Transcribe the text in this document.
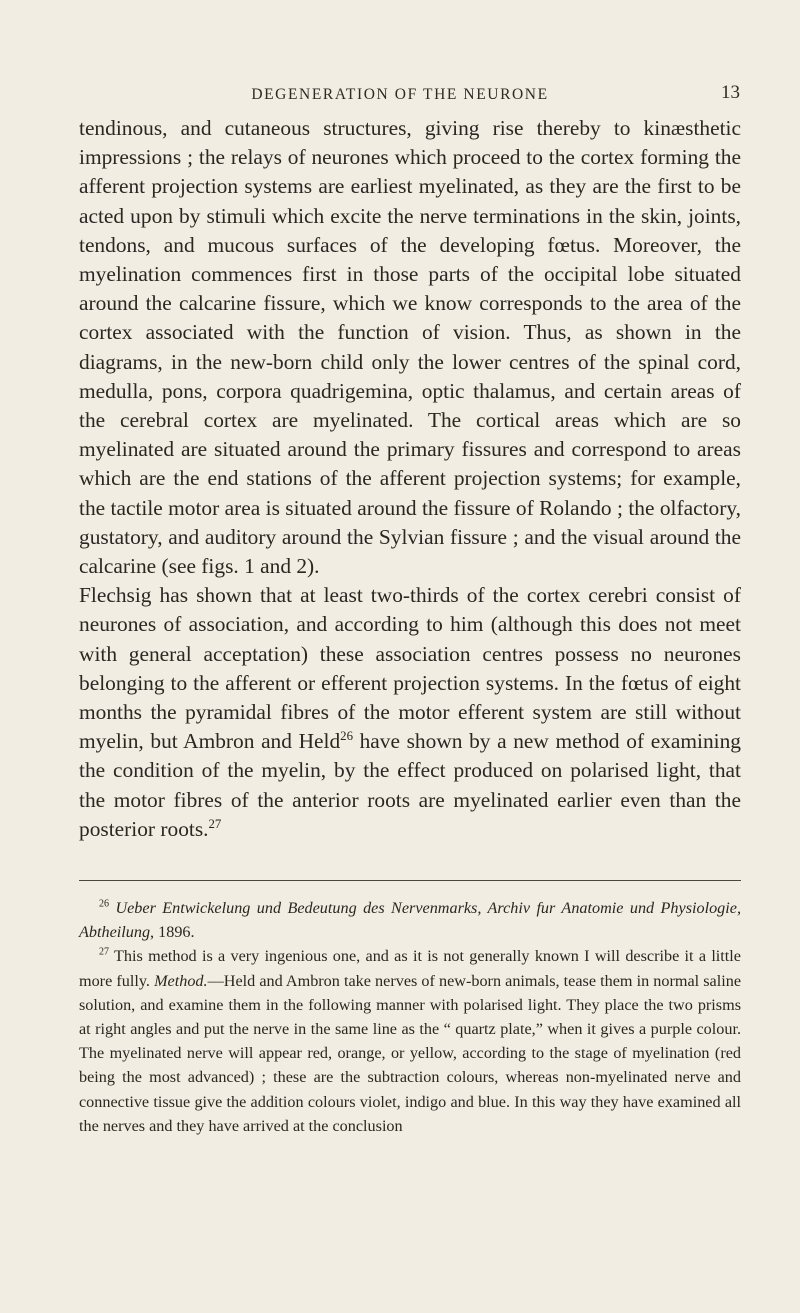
DEGENERATION OF THE NEURONE	13

tendinous, and cutaneous structures, giving rise thereby to kinæsthetic impressions ; the relays of neurones which proceed to the cortex forming the afferent projection systems are earliest myelinated, as they are the first to be acted upon by stimuli which excite the nerve terminations in the skin, joints, tendons, and mucous surfaces of the developing fœtus. Moreover, the myelination commences first in those parts of the occipital lobe situated around the calcarine fissure, which we know corresponds to the area of the cortex associated with the function of vision. Thus, as shown in the diagrams, in the new-born child only the lower centres of the spinal cord, medulla, pons, corpora quadrigemina, optic thalamus, and certain areas of the cerebral cortex are myelinated. The cortical areas which are so myelinated are situated around the primary fissures and correspond to areas which are the end stations of the afferent projection systems; for example, the tactile motor area is situated around the fissure of Rolando ; the olfactory, gustatory, and auditory around the Sylvian fissure ; and the visual around the calcarine (see figs. 1 and 2).

Flechsig has shown that at least two-thirds of the cortex cerebri consist of neurones of association, and according to him (although this does not meet with general acceptation) these association centres possess no neurones belonging to the afferent or efferent projection systems. In the fœtus of eight months the pyramidal fibres of the motor efferent system are still without myelin, but Ambron and Held$^{26}$ have shown by a new method of examining the condition of the myelin, by the effect produced on polarised light, that the motor fibres of the anterior roots are myelinated earlier even than the posterior roots.$^{27}$

$^{26}$ Ueber Entwickelung und Bedeutung des Nervenmarks, Archiv fur Anatomie und Physiologie, Abtheilung, 1896.

$^{27}$ This method is a very ingenious one, and as it is not generally known I will describe it a little more fully. Method.—Held and Ambron take nerves of new-born animals, tease them in normal saline solution, and examine them in the following manner with polarised light. They place the two prisms at right angles and put the nerve in the same line as the “ quartz plate,” when it gives a purple colour. The myelinated nerve will appear red, orange, or yellow, according to the stage of myelination (red being the most advanced) ; these are the subtraction colours, whereas non-myelinated nerve and connective tissue give the addition colours violet, indigo and blue. In this way they have examined all the nerves and they have arrived at the conclusion
